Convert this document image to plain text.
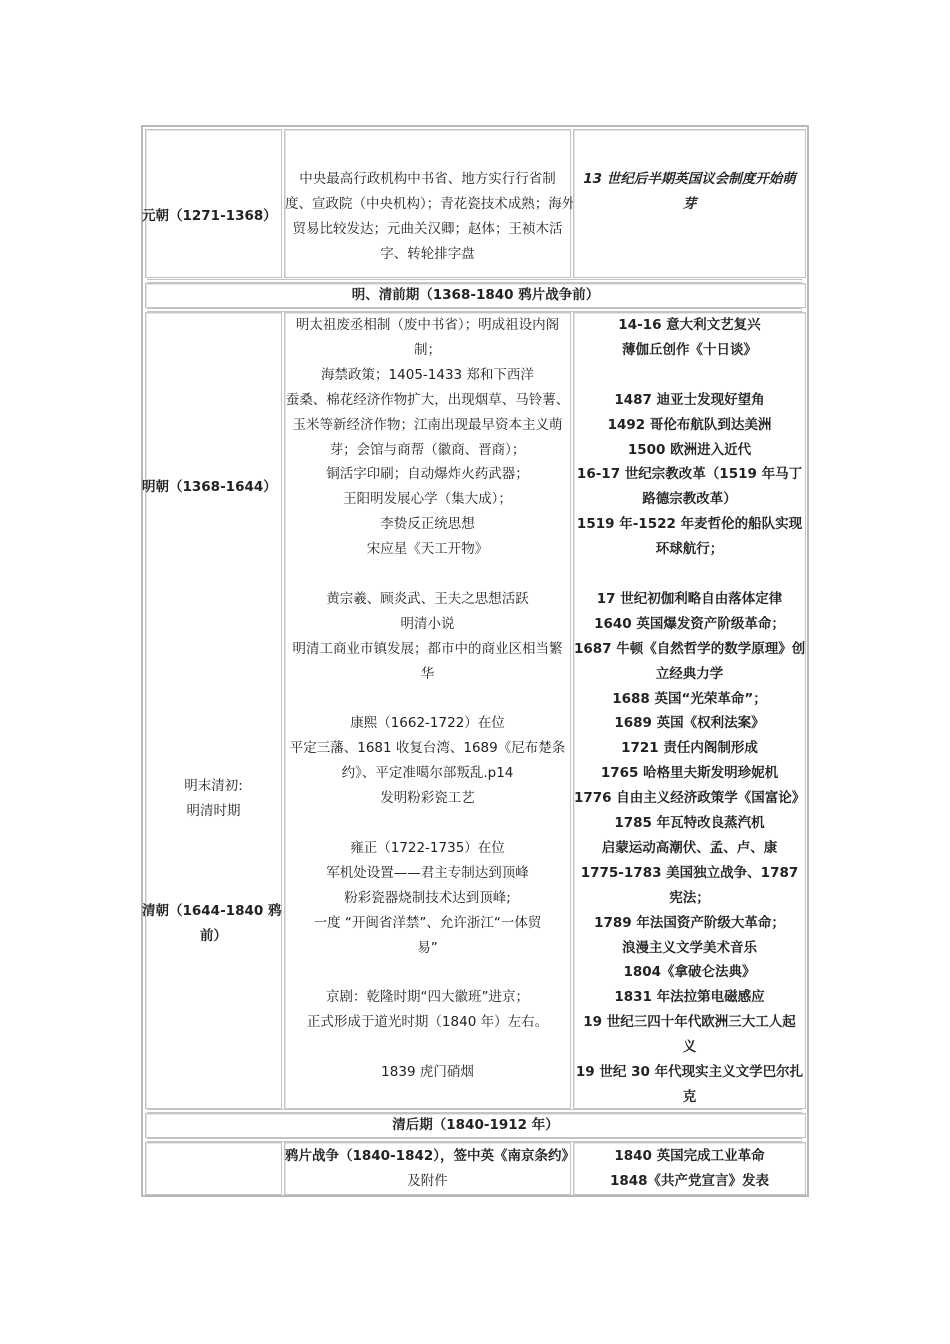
元朝（1271-1368）
中央最高行政机构中书省、地方实行行省制
度、宣政院（中央机构）；青花瓷技术成熟；海外
贸易比较发达；元曲关汉卿；赵体；王祯木活
字、转轮排字盘
13 世纪后半期英国议会制度开始萌
芽
明、清前期（1368-1840 鸦片战争前）
明朝（1368-1644）
明末清初:
明清时期
清朝（1644-1840 鸦
前）
明太祖废丞相制（废中书省）；明成祖设内阁
制；
海禁政策；1405-1433 郑和下西洋
蚕桑、棉花经济作物扩大，出现烟草、马铃薯、
玉米等新经济作物；江南出现最早资本主义萌
芽；会馆与商帮（徽商、晋商）；
铜活字印刷；自动爆炸火药武器；
王阳明发展心学（集大成）；
李贽反正统思想
宋应星《天工开物》
黄宗羲、顾炎武、王夫之思想活跃
明清小说
明清工商业市镇发展；都市中的商业区相当繁
华
康熙（1662-1722）在位
平定三藩、1681 收复台湾、1689《尼布楚条
约》、平定准噶尔部叛乱.p14
发明粉彩瓷工艺
雍正（1722-1735）在位
军机处设置——君主专制达到顶峰
粉彩瓷器烧制技术达到顶峰;
一度 “开闽省洋禁”、允许浙江“一体贸
易”
京剧：乾隆时期“四大徽班”进京；
正式形成于道光时期（1840 年）左右。
1839 虎门硝烟
14-16 意大利文艺复兴
薄伽丘创作《十日谈》
1487 迪亚士发现好望角
1492 哥伦布航队到达美洲
1500 欧洲进入近代
16-17 世纪宗教改革（1519 年马丁
路德宗教改革）
1519 年-1522 年麦哲伦的船队实现
环球航行；
17 世纪初伽利略自由落体定律
1640 英国爆发资产阶级革命；
1687 牛顿《自然哲学的数学原理》创
立经典力学
1688 英国“光荣革命”；
1689 英国《权利法案》
1721 责任内阁制形成
1765 哈格里夫斯发明珍妮机
1776 自由主义经济政策学《国富论》
1785 年瓦特改良蒸汽机
启蒙运动高潮伏、孟、卢、康
1775-1783 美国独立战争、1787
宪法；
1789 年法国资产阶级大革命；
浪漫主义文学美术音乐
1804《拿破仑法典》
1831 年法拉第电磁感应
19 世纪三四十年代欧洲三大工人起
义
19 世纪 30 年代现实主义文学巴尔扎
克
清后期（1840-1912 年）
鸦片战争（1840-1842），签中英《南京条约》
及附件
1840 英国完成工业革命
1848《共产党宣言》发表
